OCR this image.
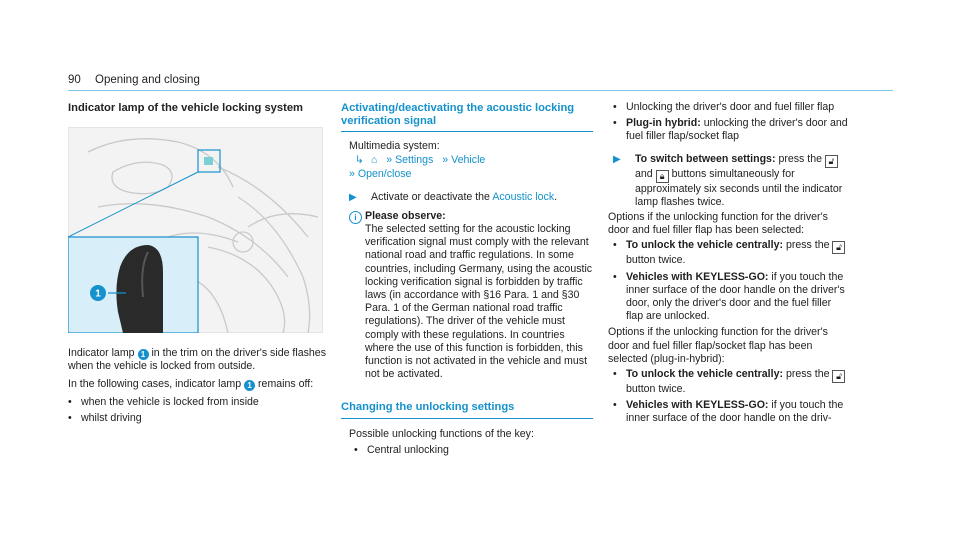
90 Opening and closing
Indicator lamp of the vehicle locking system
1

Indicator lamp 1 in the trim on the driver's side flashes when the vehicle is locked from outside.

In the following cases, indicator lamp 1 remains off:

• when the vehicle is locked from inside
• whilst driving
Activating/deactivating the acoustic locking verification signal

Multimedia system:

↳ ⌂ » Settings » Vehicle

» Open/close

▶ Activate or deactivate the Acoustic lock.
i Please observe:

The selected setting for the acoustic locking verification signal must comply with the relevant national road and traffic regulations. In some countries, including Germany, using the acoustic locking verification signal is forbidden by traffic laws (in accordance with §16 Para. 1 and §30 Para. 1 of the German national road traffic regulations). The driver of the vehicle must comply with these regulations. In countries where the use of this function is forbidden, this function is not activated in the vehicle and must not be activated.

Changing the unlocking settings

Possible unlocking functions of the key:

• Central unlocking
• Unlocking the driver's door and fuel filler flap
• Plug-in hybrid: unlocking the driver's door and fuel filler flap/socket flap
▶ To switch between settings: press the 🔓︎ and 🔒︎ buttons simultaneously for approximately six seconds until the indicator lamp flashes twice.

Options if the unlocking function for the driver's door and fuel filler flap has been selected:

• To unlock the vehicle centrally: press the 🔓︎ button twice.
• Vehicles with KEYLESS-GO: if you touch the inner surface of the door handle on the driver's door, only the driver's door and the fuel filler flap are unlocked.

Options if the unlocking function for the driver's door and fuel filler flap/socket flap has been selected (plug-in-hybrid):

• To unlock the vehicle centrally: press the 🔓︎ button twice.
• Vehicles with KEYLESS-GO: if you touch the inner surface of the door handle on the driv-
